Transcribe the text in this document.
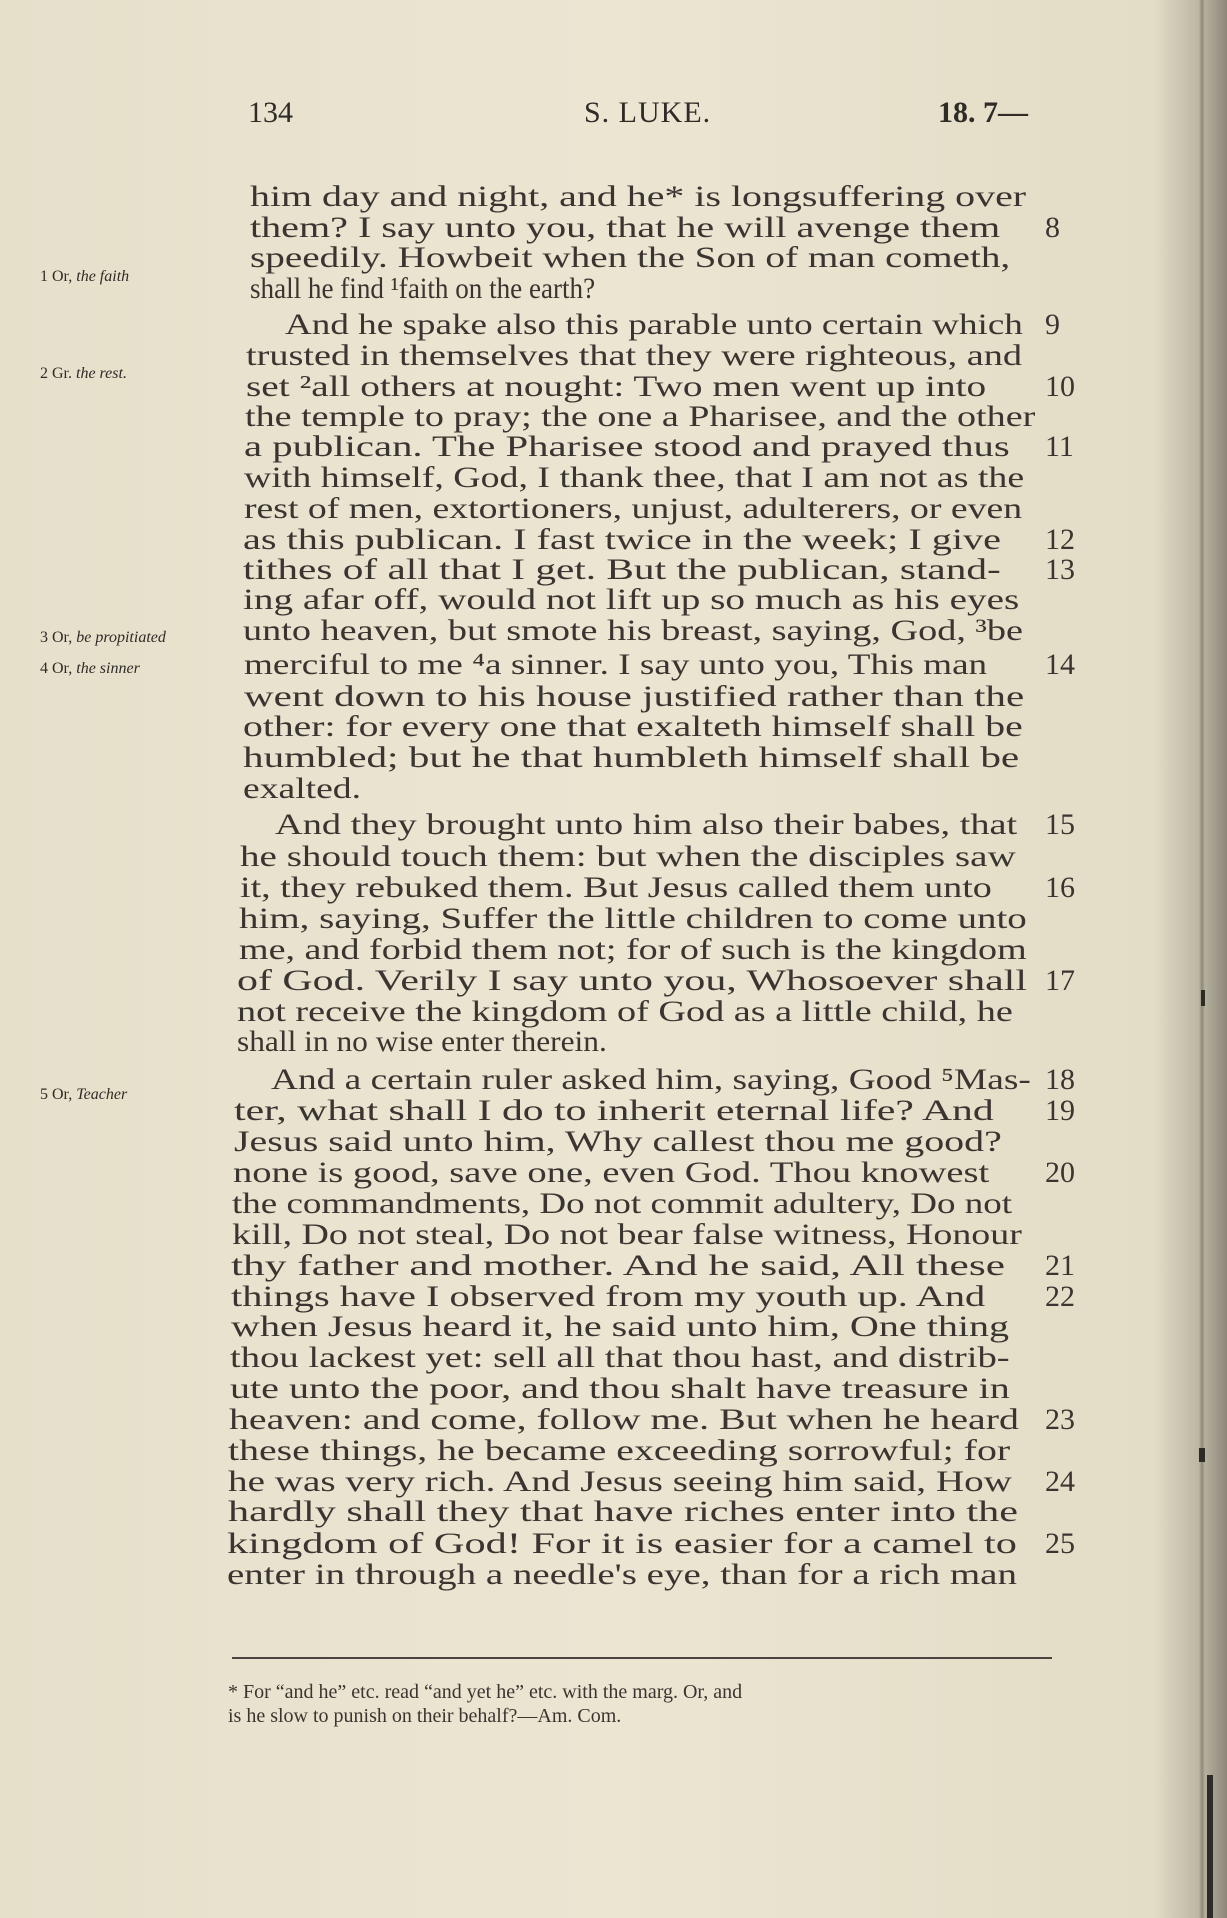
134	S. LUKE.	18. 7—
him day and night, and he* is longsuffering over
them? I say unto you, that he will avenge them 8
speedily. Howbeit when the Son of man cometh,
shall he find ¹faith on the earth?
And he spake also this parable unto certain which 9
trusted in themselves that they were righteous, and
set ²all others at nought: Two men went up into 10
the temple to pray; the one a Pharisee, and the other
a publican. The Pharisee stood and prayed thus 11
with himself, God, I thank thee, that I am not as the
rest of men, extortioners, unjust, adulterers, or even
as this publican. I fast twice in the week; I give 12
tithes of all that I get. But the publican, stand- 13
ing afar off, would not lift up so much as his eyes
unto heaven, but smote his breast, saying, God, ³be
merciful to me ⁴a sinner. I say unto you, This man 14
went down to his house justified rather than the
other: for every one that exalteth himself shall be
humbled; but he that humbleth himself shall be
exalted.
And they brought unto him also their babes, that 15
he should touch them: but when the disciples saw
it, they rebuked them. But Jesus called them unto 16
him, saying, Suffer the little children to come unto
me, and forbid them not; for of such is the kingdom
of God. Verily I say unto you, Whosoever shall 17
not receive the kingdom of God as a little child, he
shall in no wise enter therein.
And a certain ruler asked him, saying, Good ⁵Mas- 18
ter, what shall I do to inherit eternal life? And 19
Jesus said unto him, Why callest thou me good?
none is good, save one, even God. Thou knowest 20
the commandments, Do not commit adultery, Do not
kill, Do not steal, Do not bear false witness, Honour
thy father and mother. And he said, All these 21
things have I observed from my youth up. And 22
when Jesus heard it, he said unto him, One thing
thou lackest yet: sell all that thou hast, and distrib-
ute unto the poor, and thou shalt have treasure in
heaven: and come, follow me. But when he heard 23
these things, he became exceeding sorrowful; for
he was very rich. And Jesus seeing him said, How 24
hardly shall they that have riches enter into the
kingdom of God! For it is easier for a camel to 25
enter in through a needle's eye, than for a rich man
1 Or, the faith
2 Gr. the rest.
3 Or, be propitiated
4 Or, the sinner
5 Or, Teacher
* For “and he” etc. read “and yet he” etc. with the marg. Or, and
is he slow to punish on their behalf?—Am. Com.
